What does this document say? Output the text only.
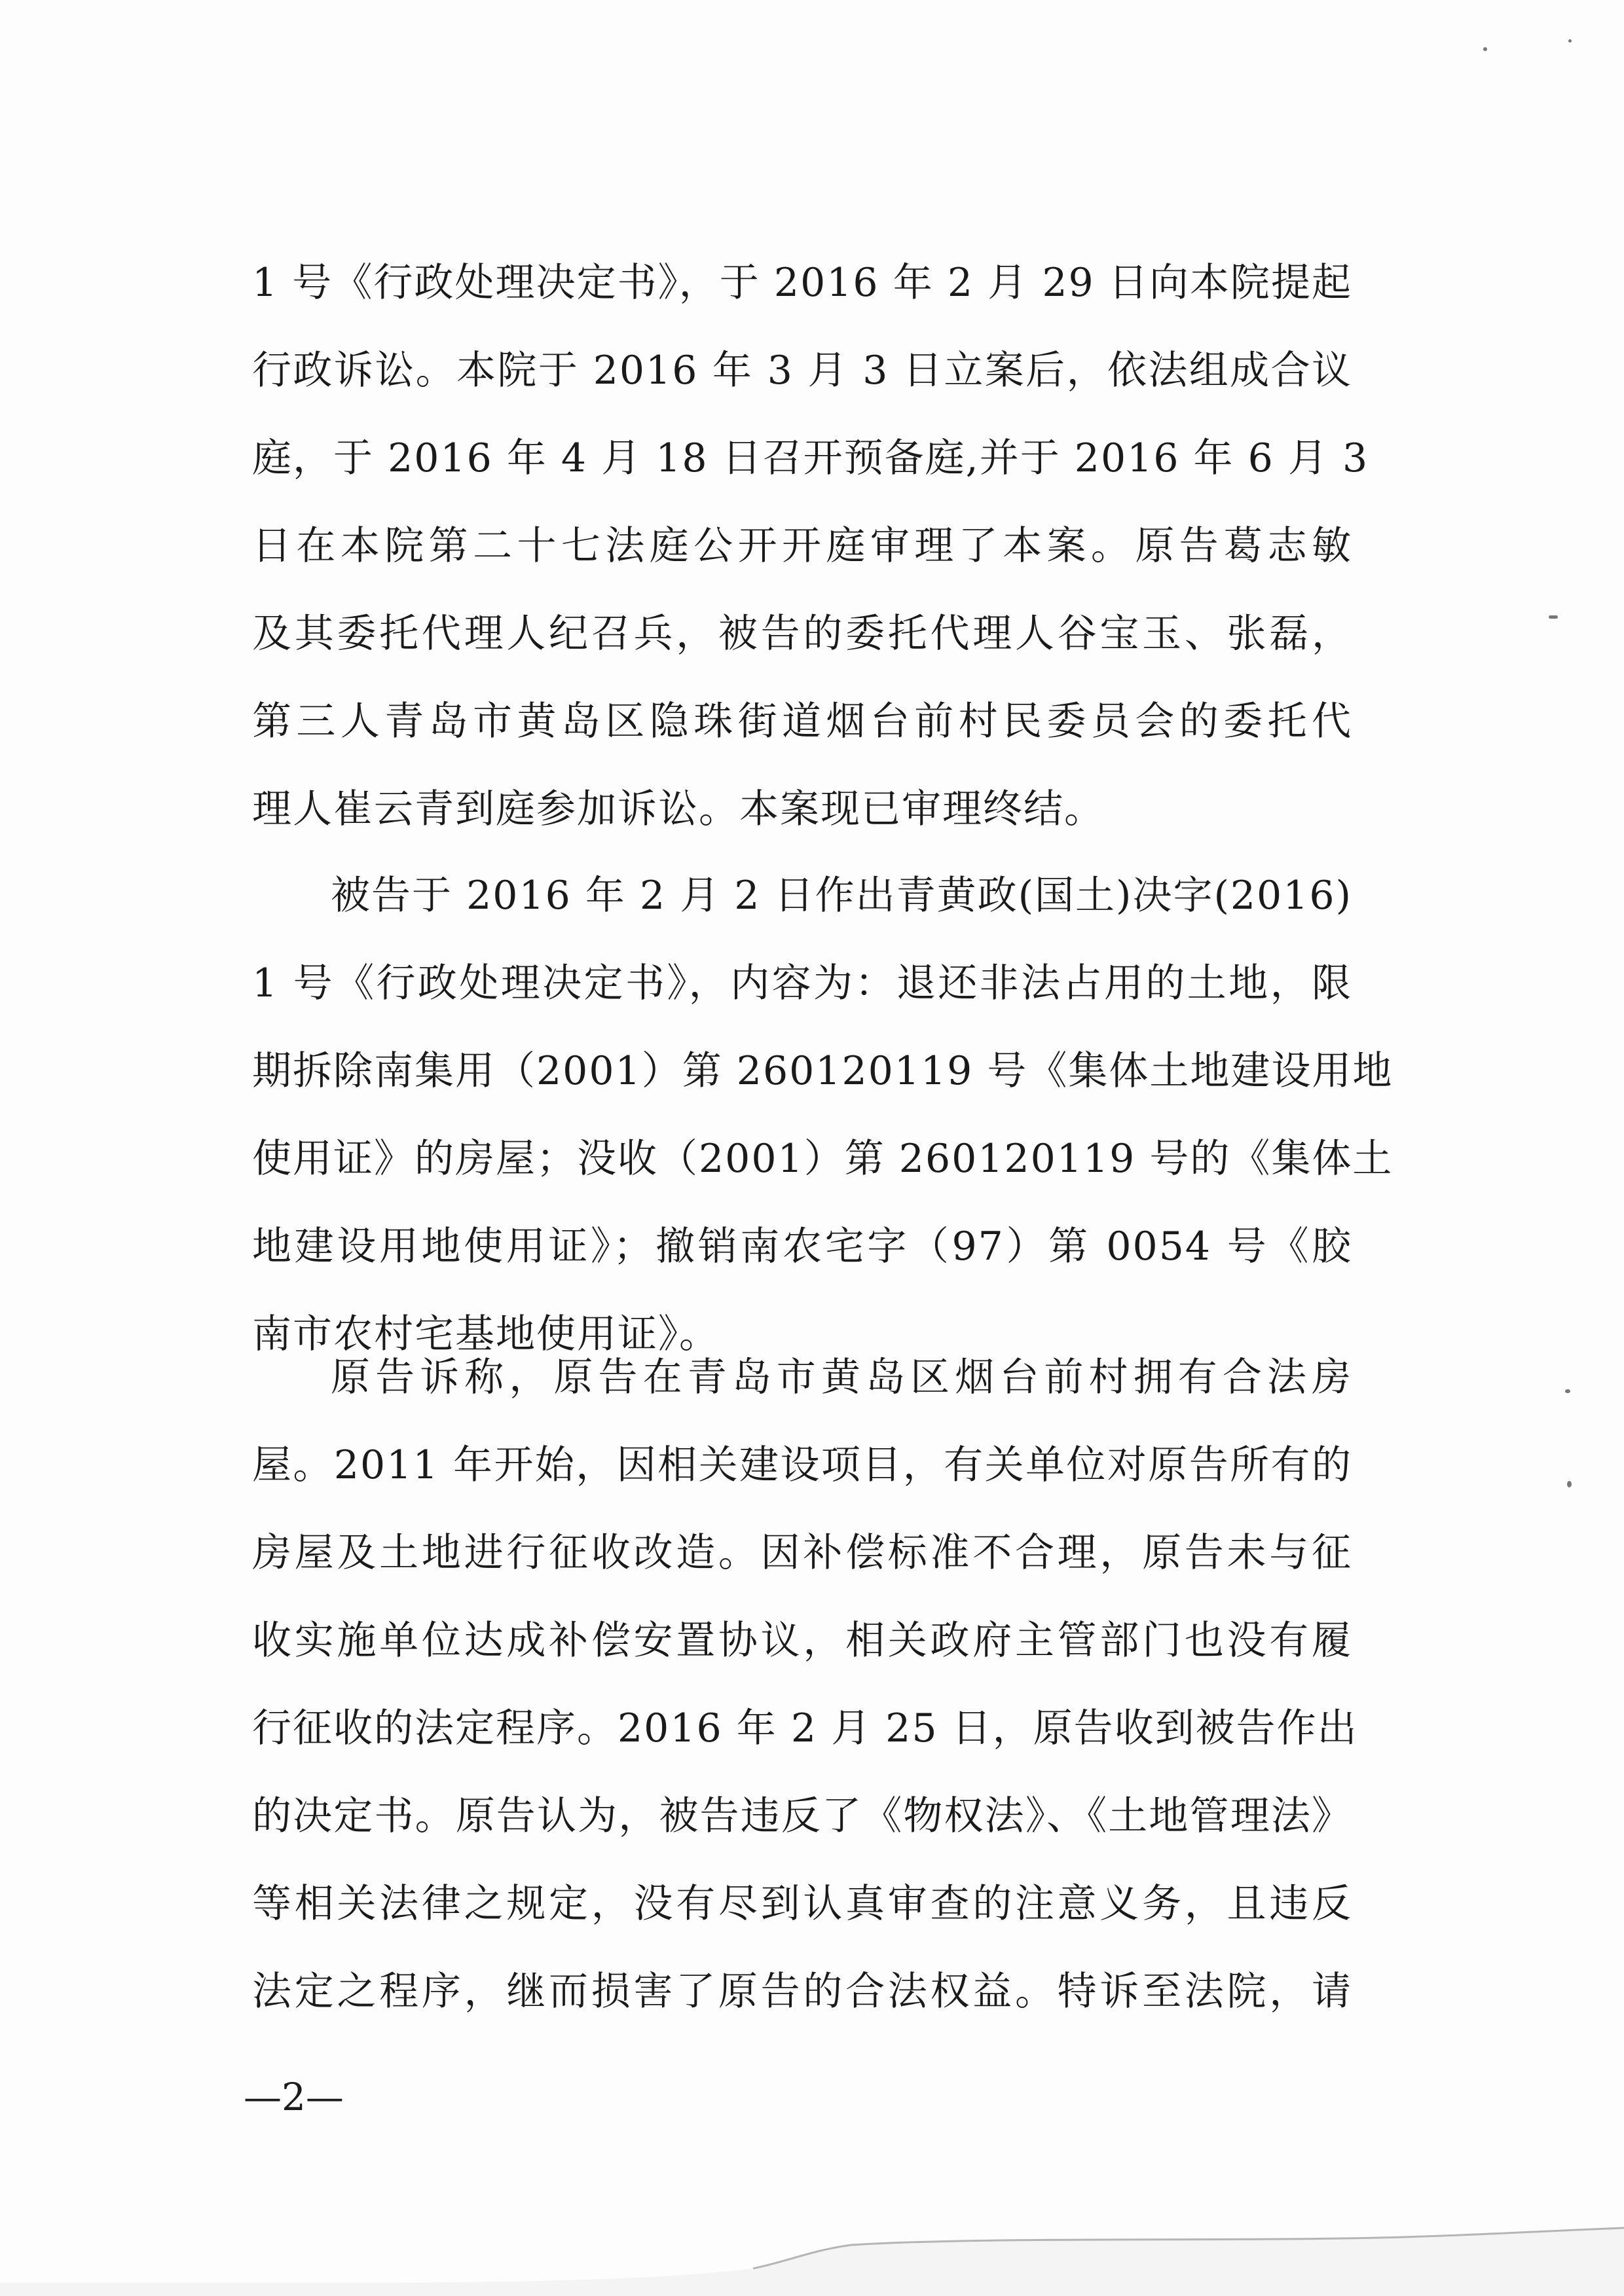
1 号《行政处理决定书》，于 2016 年 2 月 29 日向本院提起
行政诉讼。本院于 2016 年 3 月 3 日立案后，依法组成合议
庭，于 2016 年 4 月 18 日召开预备庭,并于 2016 年 6 月 3
日在本院第二十七法庭公开开庭审理了本案。原告葛志敏
及其委托代理人纪召兵，被告的委托代理人谷宝玉、张磊，
第三人青岛市黄岛区隐珠街道烟台前村民委员会的委托代
理人崔云青到庭参加诉讼。本案现已审理终结。
被告于 2016 年 2 月 2 日作出青黄政(国土)决字(2016)
1 号《行政处理决定书》，内容为：退还非法占用的土地，限
期拆除南集用（2001）第 260120119 号《集体土地建设用地
使用证》的房屋；没收（2001）第 260120119 号的《集体土
地建设用地使用证》；撤销南农宅字（97）第 0054 号《胶
南市农村宅基地使用证》。
原告诉称，原告在青岛市黄岛区烟台前村拥有合法房
屋。2011 年开始，因相关建设项目，有关单位对原告所有的
房屋及土地进行征收改造。因补偿标准不合理，原告未与征
收实施单位达成补偿安置协议，相关政府主管部门也没有履
行征收的法定程序。2016 年 2 月 25 日，原告收到被告作出
的决定书。原告认为，被告违反了《物权法》、《土地管理法》
等相关法律之规定，没有尽到认真审查的注意义务，且违反
法定之程序，继而损害了原告的合法权益。特诉至法院，请
—2—
